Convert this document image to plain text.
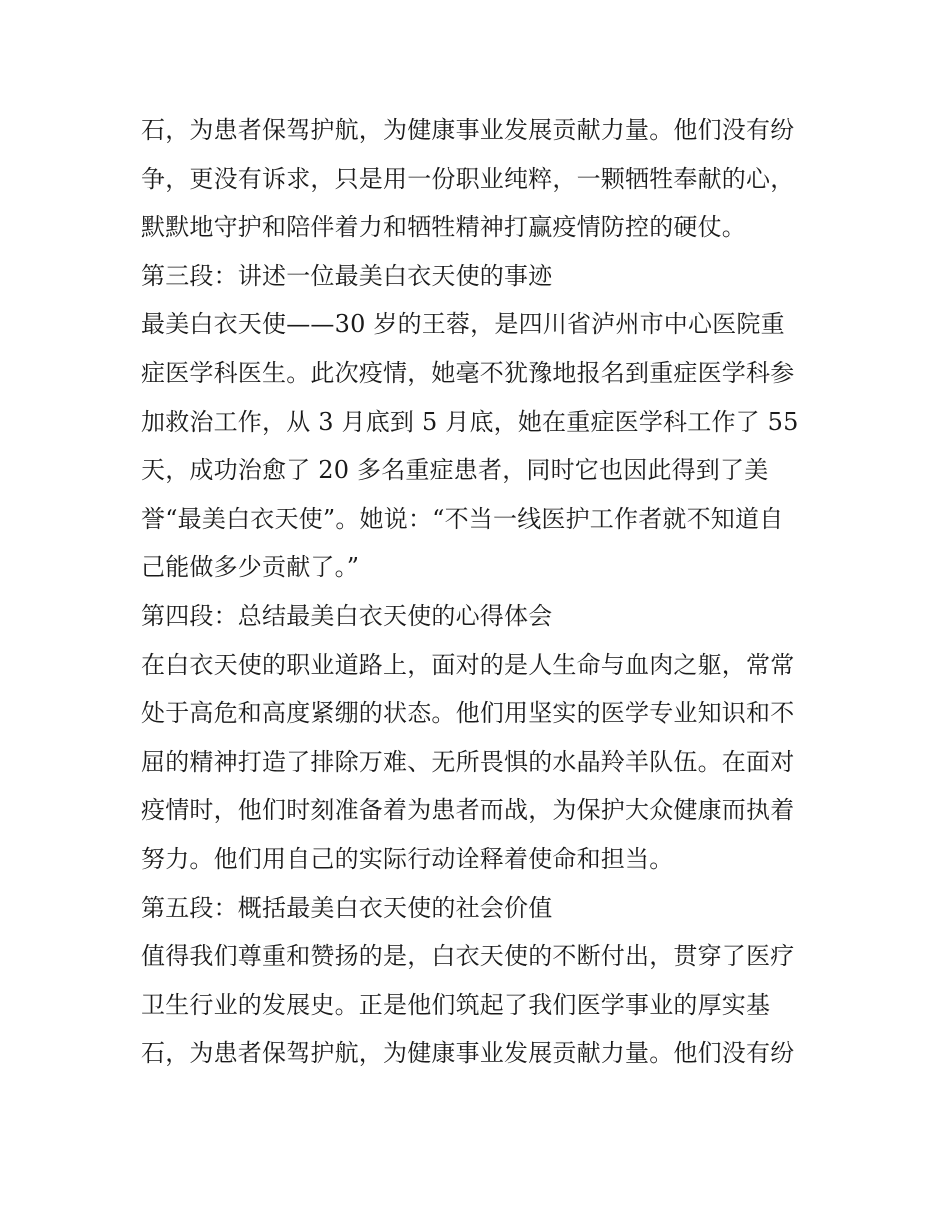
石，为患者保驾护航，为健康事业发展贡献力量。他们没有纷
争，更没有诉求，只是用一份职业纯粹，一颗牺牲奉献的心，
默默地守护和陪伴着力和牺牲精神打赢疫情防控的硬仗。
第三段：讲述一位最美白衣天使的事迹
最美白衣天使——30 岁的王蓉，是四川省泸州市中心医院重
症医学科医生。此次疫情，她毫不犹豫地报名到重症医学科参
加救治工作，从 3 月底到 5 月底，她在重症医学科工作了 55
天，成功治愈了 20 多名重症患者，同时它也因此得到了美
誉“最美白衣天使”。她说：“不当一线医护工作者就不知道自
己能做多少贡献了。”
第四段：总结最美白衣天使的心得体会
在白衣天使的职业道路上，面对的是人生命与血肉之躯，常常
处于高危和高度紧绷的状态。他们用坚实的医学专业知识和不
屈的精神打造了排除万难、无所畏惧的水晶羚羊队伍。在面对
疫情时，他们时刻准备着为患者而战，为保护大众健康而执着
努力。他们用自己的实际行动诠释着使命和担当。
第五段：概括最美白衣天使的社会价值
值得我们尊重和赞扬的是，白衣天使的不断付出，贯穿了医疗
卫生行业的发展史。正是他们筑起了我们医学事业的厚实基
石，为患者保驾护航，为健康事业发展贡献力量。他们没有纷
